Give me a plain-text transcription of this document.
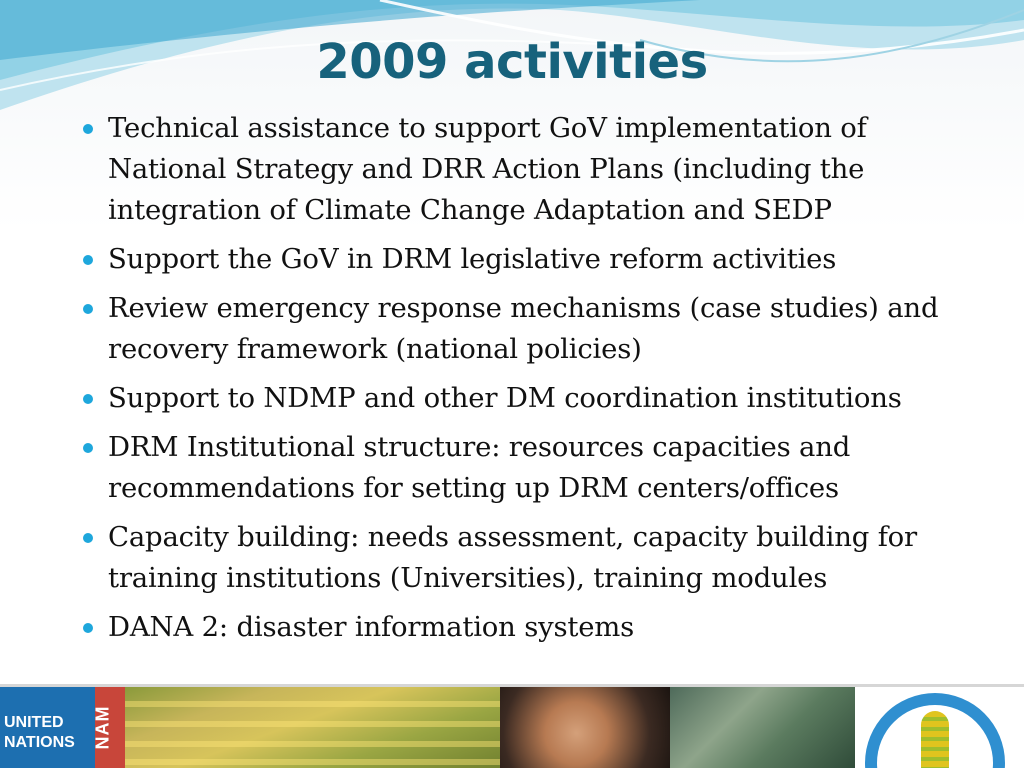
2009 activities
Technical assistance to support GoV implementation of National Strategy and DRR Action Plans (including the integration of Climate Change Adaptation and SEDP
Support the GoV in DRM legislative reform activities
Review emergency response mechanisms (case studies) and recovery framework (national policies)
Support to NDMP and other DM coordination institutions
DRM Institutional structure: resources capacities and recommendations for setting up DRM centers/offices
Capacity building: needs assessment, capacity building for training institutions (Universities), training modules
DANA 2: disaster information systems
UNITED NATIONS NAM
